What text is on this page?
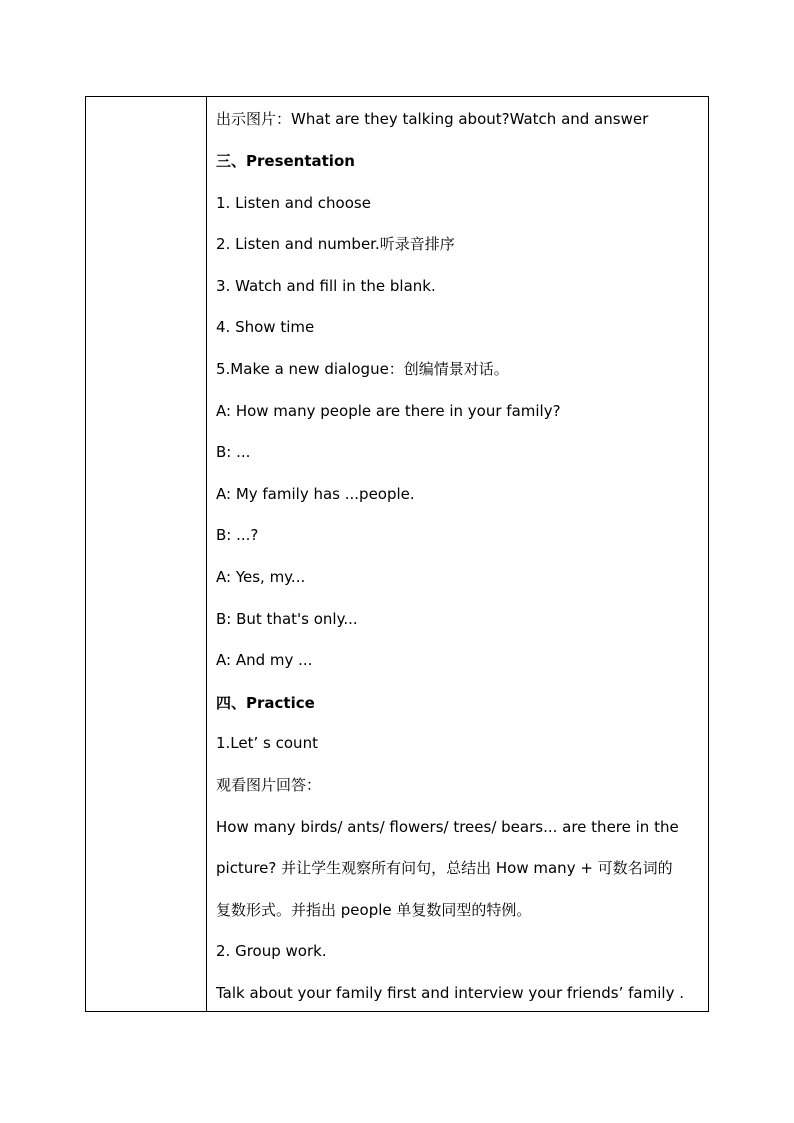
出示图片：What are they talking about?Watch and answer
三、Presentation
1. Listen and choose
2. Listen and number.听录音排序
3. Watch and fill in the blank.
4. Show time
5.Make a new dialogue：创编情景对话。
A: How many people are there in your family?
B: ...
A: My family has ...people.
B: ...?
A: Yes, my...
B: But that's only...
A: And my ...
四、Practice
1.Let’ s count
观看图片回答：
How many birds/ ants/ flowers/ trees/ bears... are there in the
picture? 并让学生观察所有问句，总结出 How many + 可数名词的
复数形式。并指出 people 单复数同型的特例。
2. Group work.
Talk about your family first and interview your friends’ family .
